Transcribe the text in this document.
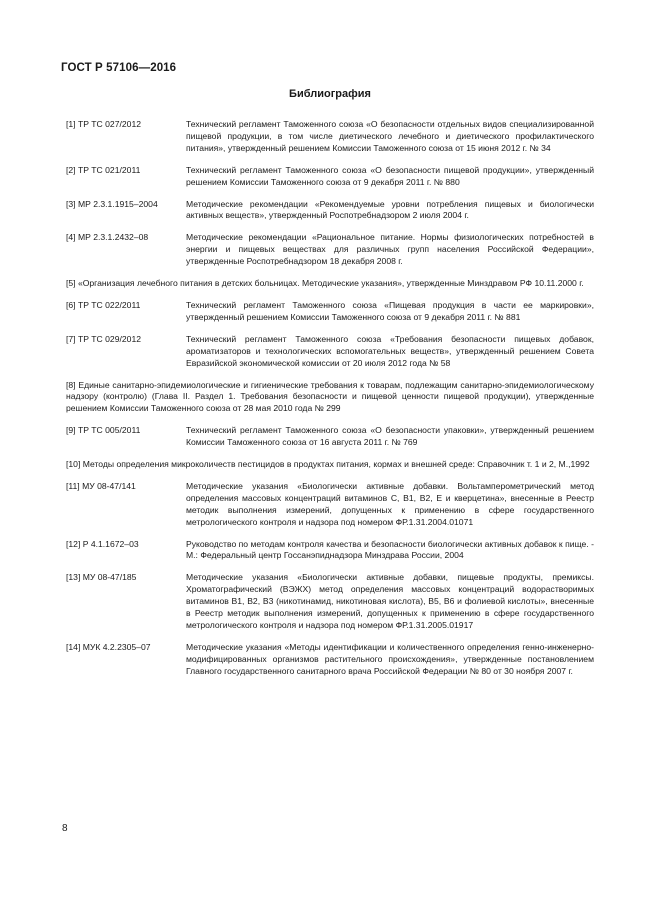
ГОСТ Р 57106—2016
Библиография
[1] ТР ТС 027/2012	Технический регламент Таможенного союза «О безопасности отдельных видов специализированной пищевой продукции, в том числе диетического лечебного и диетического профилактического питания», утвержденный решением Комиссии Таможенного союза от 15 июня 2012 г. № 34
[2] ТР ТС 021/2011	Технический регламент Таможенного союза «О безопасности пищевой продукции», утвержденный решением Комиссии Таможенного союза от 9 декабря 2011 г. № 880
[3] МР 2.3.1.1915–2004	Методические рекомендации «Рекомендуемые уровни потребления пищевых и биологически активных веществ», утвержденный Роспотребнадзором 2 июля 2004 г.
[4] МР 2.3.1.2432–08	Методические рекомендации «Рациональное питание. Нормы физиологических потребностей в энергии и пищевых веществах для различных групп населения Российской Федерации», утвержденные Роспотребнадзором 18 декабря 2008 г.
[5] «Организация лечебного питания в детских больницах. Методические указания», утвержденные Минздравом РФ 10.11.2000 г.
[6] ТР ТС 022/2011	Технический регламент Таможенного союза «Пищевая продукция в части ее маркировки», утвержденный решением Комиссии Таможенного союза от 9 декабря 2011 г. № 881
[7] ТР ТС 029/2012	Технический регламент Таможенного союза «Требования безопасности пищевых добавок, ароматизаторов и технологических вспомогательных веществ», утвержденный решением Совета Евразийской экономической комиссии от 20 июля 2012 года № 58
[8] Единые санитарно-эпидемиологические и гигиенические требования к товарам, подлежащим санитарно-эпидемиологическому надзору (контролю) (Глава II. Раздел 1. Требования безопасности и пищевой ценности пищевой продукции), утвержденные решением Комиссии Таможенного союза от 28 мая 2010 года № 299
[9] ТР ТС 005/2011	Технический регламент Таможенного союза «О безопасности упаковки», утвержденный решением Комиссии Таможенного союза от 16 августа 2011 г. № 769
[10] Методы определения микроколичеств пестицидов в продуктах питания, кормах и внешней среде: Справочник т. 1 и 2, М.,1992
[11] МУ 08-47/141	Методические указания «Биологически активные добавки. Вольтамперометрический метод определения массовых концентраций витаминов С, В1, В2, Е и кверцетина», внесенные в Реестр методик выполнения измерений, допущенных к применению в сфере государственного метрологического контроля и надзора под номером ФР.1.31.2004.01071
[12] Р 4.1.1672–03	Руководство по методам контроля качества и безопасности биологически активных добавок к пище. - М.: Федеральный центр Госсанэпиднадзора Минздрава России, 2004
[13] МУ 08-47/185	Методические указания «Биологически активные добавки, пищевые продукты, премиксы. Хроматографический (ВЭЖХ) метод определения массовых концентраций водорастворимых витаминов В1, В2, В3 (никотинамид, никотиновая кислота), В5, В6 и фолиевой кислоты», внесенные в Реестр методик выполнения измерений, допущенных к применению в сфере государственного метрологического контроля и надзора под номером ФР.1.31.2005.01917
[14] МУК 4.2.2305–07	Методические указания «Методы идентификации и количественного определения генно-инженерно-модифицированных организмов растительного происхождения», утвержденные постановлением Главного государственного санитарного врача Российской Федерации № 80 от 30 ноября 2007 г.
8
